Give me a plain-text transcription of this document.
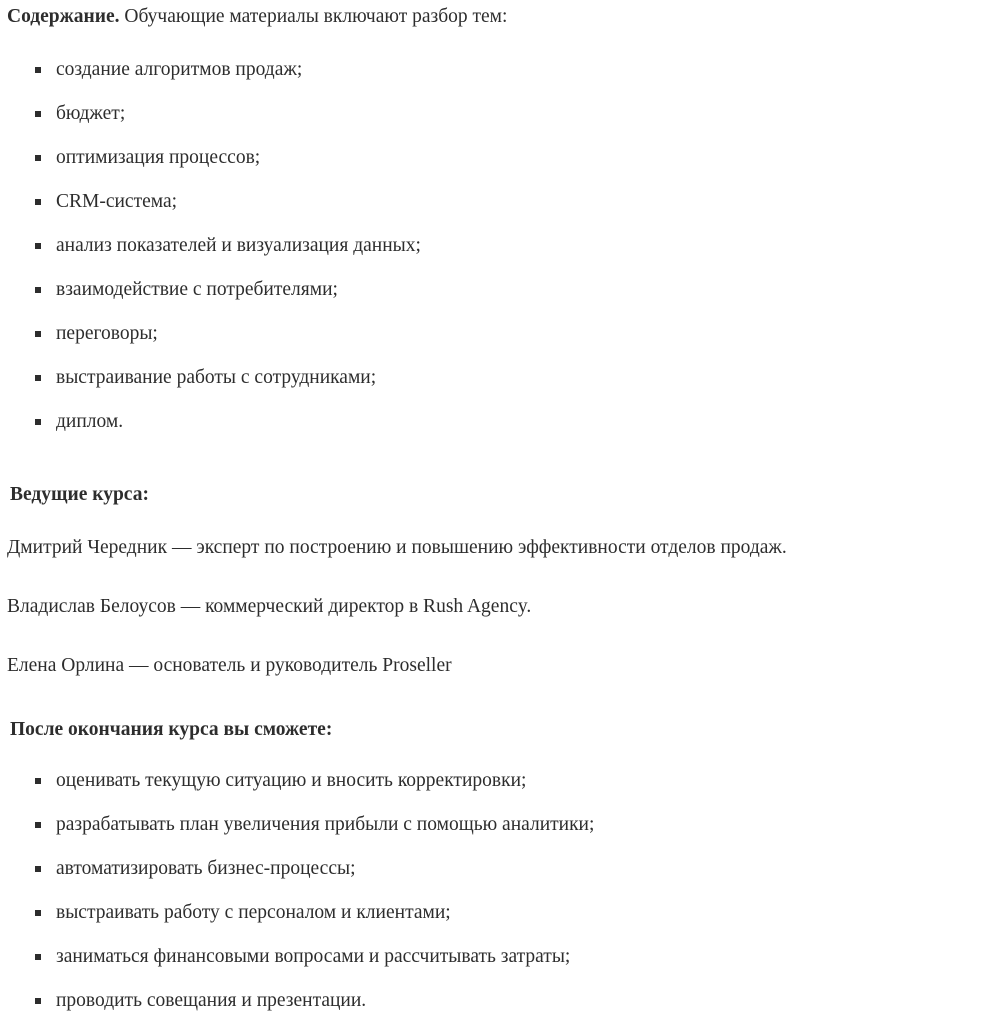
Содержание. Обучающие материалы включают разбор тем:

создание алгоритмов продаж;
бюджет;
оптимизация процессов;
CRM-система;
анализ показателей и визуализация данных;
взаимодействие с потребителями;
переговоры;
выстраивание работы с сотрудниками;
диплом.

Ведущие курса:

Дмитрий Чередник — эксперт по построению и повышению эффективности отделов продаж.

Владислав Белоусов — коммерческий директор в Rush Agency.

Елена Орлина — основатель и руководитель Proseller

После окончания курса вы сможете:

оценивать текущую ситуацию и вносить корректировки;
разрабатывать план увеличения прибыли с помощью аналитики;
автоматизировать бизнес-процессы;
выстраивать работу с персоналом и клиентами;
заниматься финансовыми вопросами и рассчитывать затраты;
проводить совещания и презентации.
